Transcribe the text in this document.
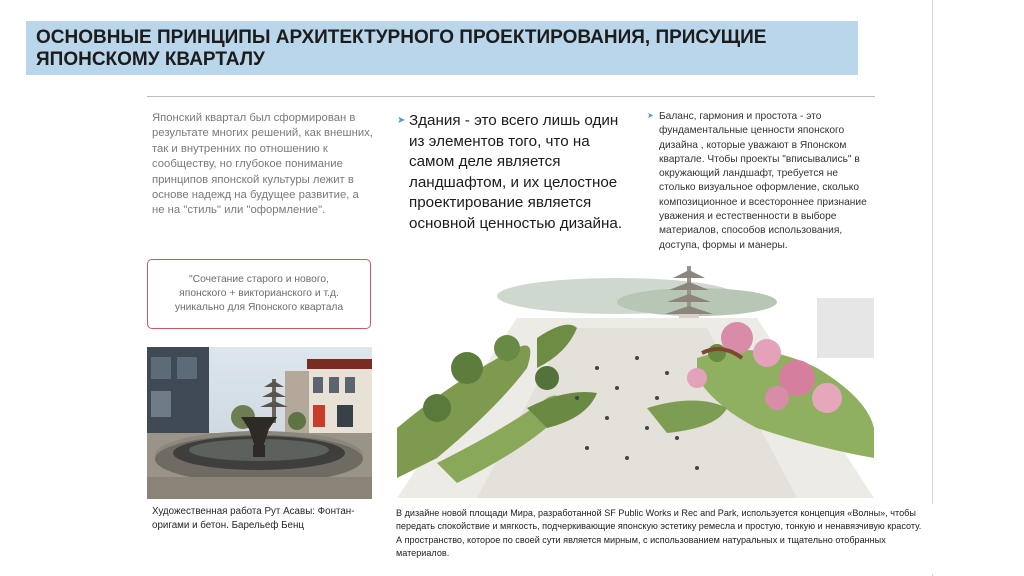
ОСНОВНЫЕ ПРИНЦИПЫ АРХИТЕКТУРНОГО ПРОЕКТИРОВАНИЯ, ПРИСУЩИЕ ЯПОНСКОМУ КВАРТАЛУ

Японский квартал был сформирован в результате многих решений, как внешних, так и внутренних по отношению к сообществу, но глубокое понимание принципов японской культуры лежит в основе надежд на будущее развитие, а не на "стиль" или "оформление".

"Сочетание старого и нового, японского + викторианского и т.д. уникально для Японского квартала

Художественная работа Рут Асавы: Фонтан-оригами и бетон. Барельеф Бенц

➤ Здания - это всего лишь один из элементов того, что на самом деле является ландшафтом, и их целостное проектирование является основной ценностью дизайна.

➤ Баланс, гармония и простота - это фундаментальные ценности японского дизайна , которые уважают в Японском квартале. Чтобы проекты "вписывались" в окружающий ландшафт, требуется не столько визуальное оформление, сколько композиционное и всестороннее признание уважения и естественности в выборе материалов, способов использования, доступа, формы и манеры.

В дизайне новой площади Мира, разработанной SF Public Works и Rec and Park, используется концепция «Волны», чтобы передать спокойствие и мягкость, подчеркивающие японскую эстетику ремесла и простую, тонкую и ненавязчивую красоту. А пространство, которое по своей сути является мирным, с использованием натуральных и тщательно отобранных материалов.
